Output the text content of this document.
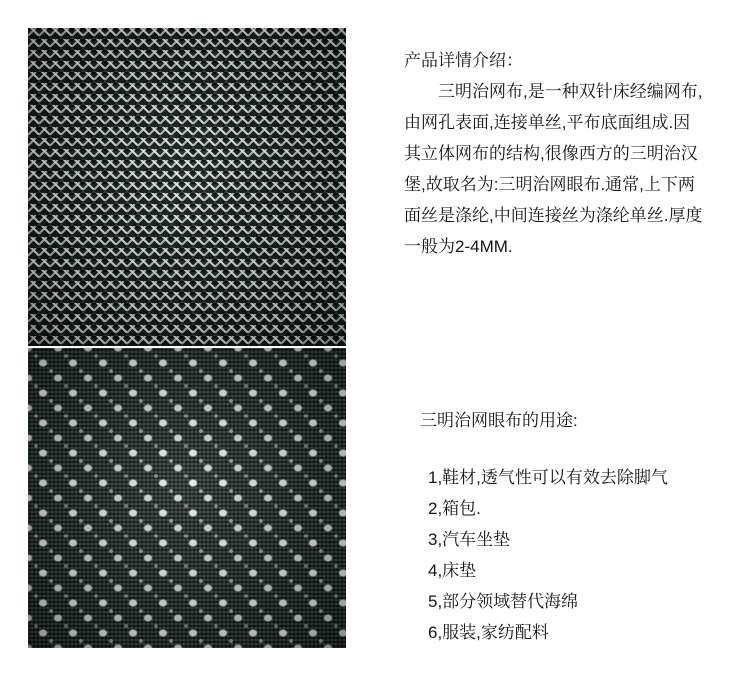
产品详情介绍：

三明治网布,是一种双针床经编网布,由网孔表面,连接单丝,平布底面组成.因其立体网布的结构,很像西方的三明治汉堡,故取名为:三明治网眼布.通常,上下两面丝是涤纶,中间连接丝为涤纶单丝.厚度一般为2-4MM.

三明治网眼布的用途:
1,鞋材,透气性可以有效去除脚气
2,箱包.
3,汽车坐垫
4,床垫
5,部分领域替代海绵
6,服装,家纺配料
